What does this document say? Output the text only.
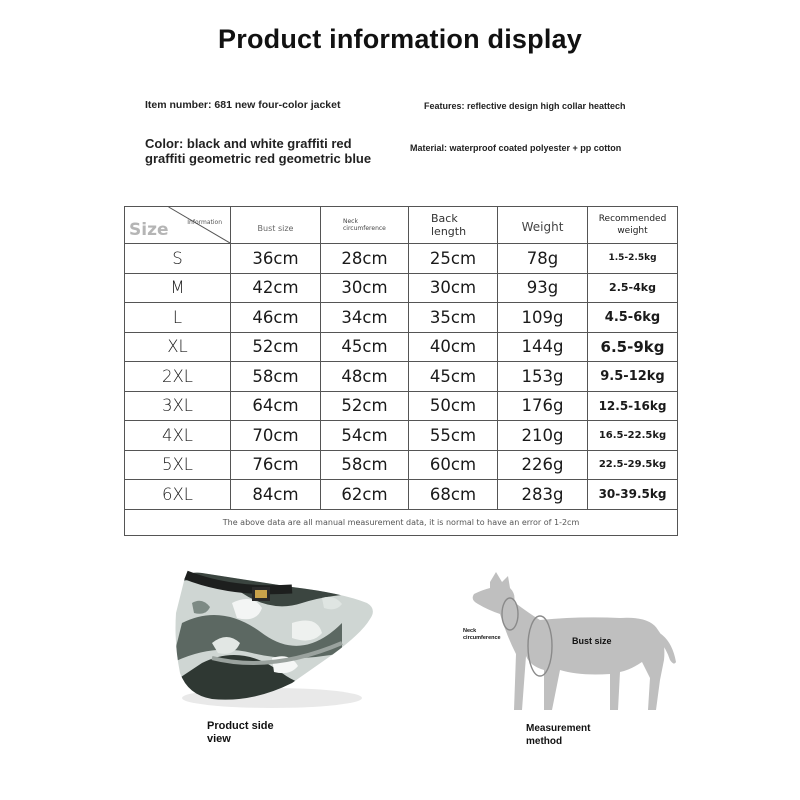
Product information display
Item number: 681 new four-color jacket	Features: reflective design high collar heattech
Color: black and white graffiti red graffiti geometric red geometric blue
Material: waterproof coated polyester + pp cotton
Size Information	Bust size	Neck circumference	Back length	Weight	Recommended weight

S	36cm	28cm	25cm	78g	1.5-2.5kg
M	42cm	30cm	30cm	93g	2.5-4kg
L	46cm	34cm	35cm	109g	4.5-6kg
XL	52cm	45cm	40cm	144g	6.5-9kg
2XL	58cm	48cm	45cm	153g	9.5-12kg
3XL	64cm	52cm	50cm	176g	12.5-16kg
4XL	70cm	54cm	55cm	210g	16.5-22.5kg
5XL	76cm	58cm	60cm	226g	22.5-29.5kg
6XL	84cm	62cm	68cm	283g	30-39.5kg
The above data are all manual measurement data, it is normal to have an error of 1-2cm					
Neck circumference	Bust size
Product side view
Measurement method
